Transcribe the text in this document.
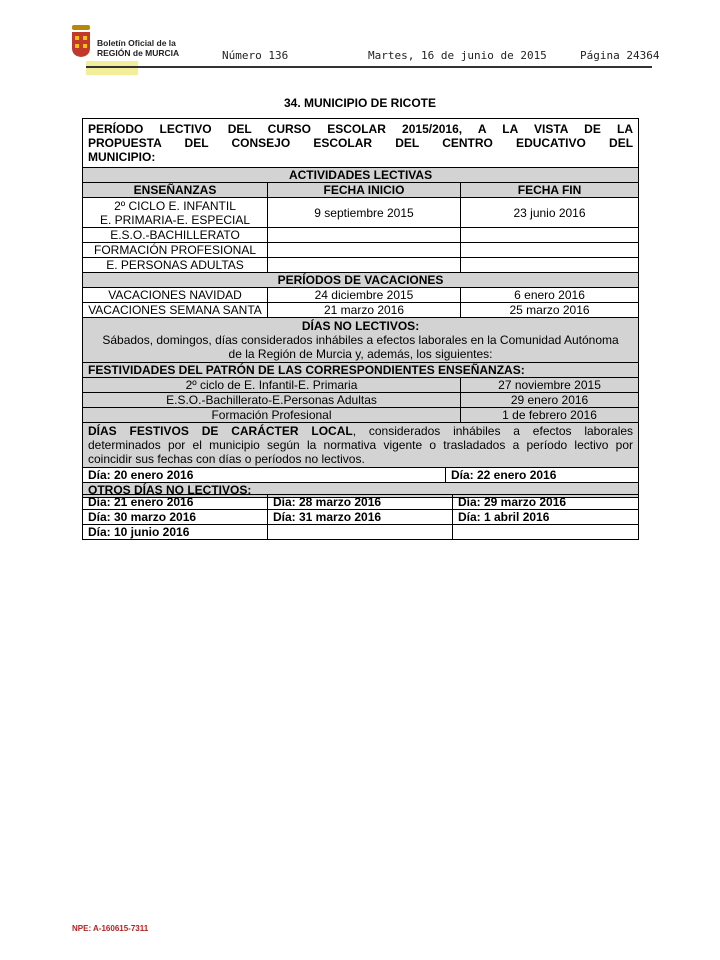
Boletín Oficial de la
REGIÓN de MURCIA	Número 136	Martes, 16 de junio de 2015	Página 24364
34. MUNICIPIO DE RICOTE
PERÍODO LECTIVO DEL CURSO ESCOLAR 2015/2016, A LA VISTA DE LA
PROPUESTA DEL CONSEJO ESCOLAR DEL CENTRO EDUCATIVO DEL
MUNICIPIO:			

ACTIVIDADES LECTIVAS			
ENSEÑANZAS	FECHA INICIO		FECHA FIN

2º CICLO E. INFANTIL
E. PRIMARIA-E. ESPECIAL	9 septiembre 2015		23 junio 2016
E.S.O.-BACHILLERATO			
FORMACIÓN PROFESIONAL			
E. PERSONAS ADULTAS			
PERÍODOS DE VACACIONES			
VACACIONES NAVIDAD	24 diciembre 2015		6 enero 2016
VACACIONES SEMANA SANTA	21 marzo 2016		25 marzo 2016

DÍAS NO LECTIVOS:
Sábados, domingos, días considerados inhábiles a efectos laborales en la Comunidad Autónoma
de la Región de Murcia y, además, los siguientes:			

FESTIVIDADES DEL PATRÓN DE LAS CORRESPONDIENTES ENSEÑANZAS:			
2º ciclo de E. Infantil-E. Primaria			27 noviembre 2015
E.S.O.-Bachillerato-E.Personas Adultas			29 enero 2016
Formación Profesional			1 de febrero 2016

DÍAS FESTIVOS DE CARÁCTER LOCAL, considerados inhábiles a efectos laborales
determinados por el municipio según la normativa vigente o trasladados a período lectivo por
coincidir sus fechas con días o períodos no lectivos.			

Día: 20 enero 2016		Día: 22 enero 2016	
OTROS DÍAS NO LECTIVOS:			
Día: 21 enero 2016	Día: 28 marzo 2016	Día: 29 marzo 2016
Día: 30 marzo 2016	Día: 31 marzo 2016	Día: 1 abril 2016
Día: 10 junio 2016		
NPE: A-160615-7311
